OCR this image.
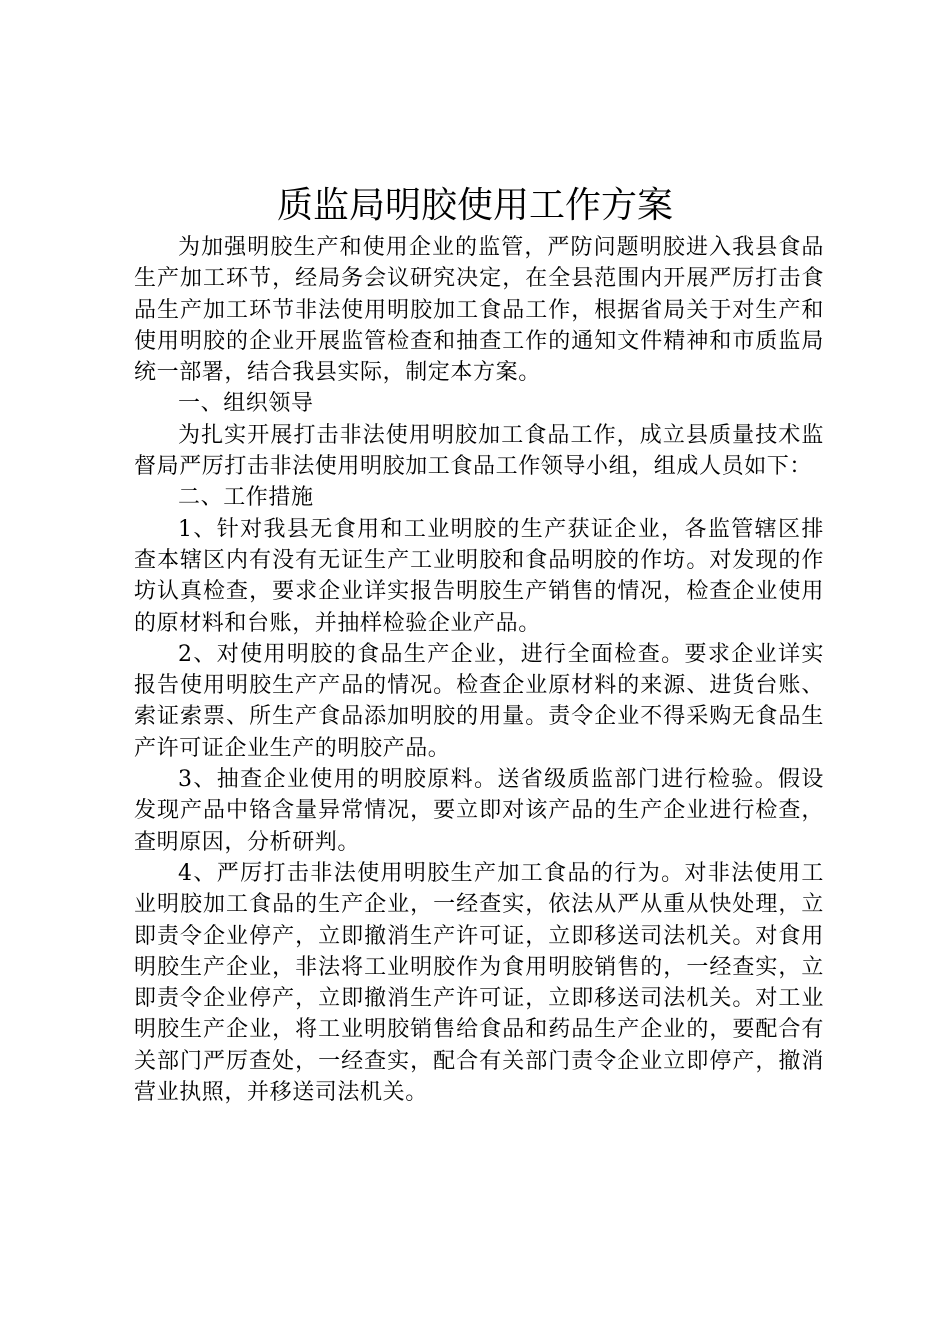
质监局明胶使用工作方案

为加强明胶生产和使用企业的监管，严防问题明胶进入我县食品生产加工环节，经局务会议研究决定，在全县范围内开展严厉打击食品生产加工环节非法使用明胶加工食品工作，根据省局关于对生产和使用明胶的企业开展监管检查和抽查工作的通知文件精神和市质监局统一部署，结合我县实际，制定本方案。

一、组织领导

为扎实开展打击非法使用明胶加工食品工作，成立县质量技术监督局严厉打击非法使用明胶加工食品工作领导小组，组成人员如下：

二、工作措施

1、针对我县无食用和工业明胶的生产获证企业，各监管辖区排查本辖区内有没有无证生产工业明胶和食品明胶的作坊。对发现的作坊认真检查，要求企业详实报告明胶生产销售的情况，检查企业使用的原材料和台账，并抽样检验企业产品。

2、对使用明胶的食品生产企业，进行全面检查。要求企业详实报告使用明胶生产产品的情况。检查企业原材料的来源、进货台账、索证索票、所生产食品添加明胶的用量。责令企业不得采购无食品生产许可证企业生产的明胶产品。

3、抽查企业使用的明胶原料。送省级质监部门进行检验。假设发现产品中铬含量异常情况，要立即对该产品的生产企业进行检查，查明原因，分析研判。

4、严厉打击非法使用明胶生产加工食品的行为。对非法使用工业明胶加工食品的生产企业，一经查实，依法从严从重从快处理，立即责令企业停产，立即撤消生产许可证，立即移送司法机关。对食用明胶生产企业，非法将工业明胶作为食用明胶销售的，一经查实，立即责令企业停产，立即撤消生产许可证，立即移送司法机关。对工业明胶生产企业，将工业明胶销售给食品和药品生产企业的，要配合有关部门严厉查处，一经查实，配合有关部门责令企业立即停产，撤消营业执照，并移送司法机关。
